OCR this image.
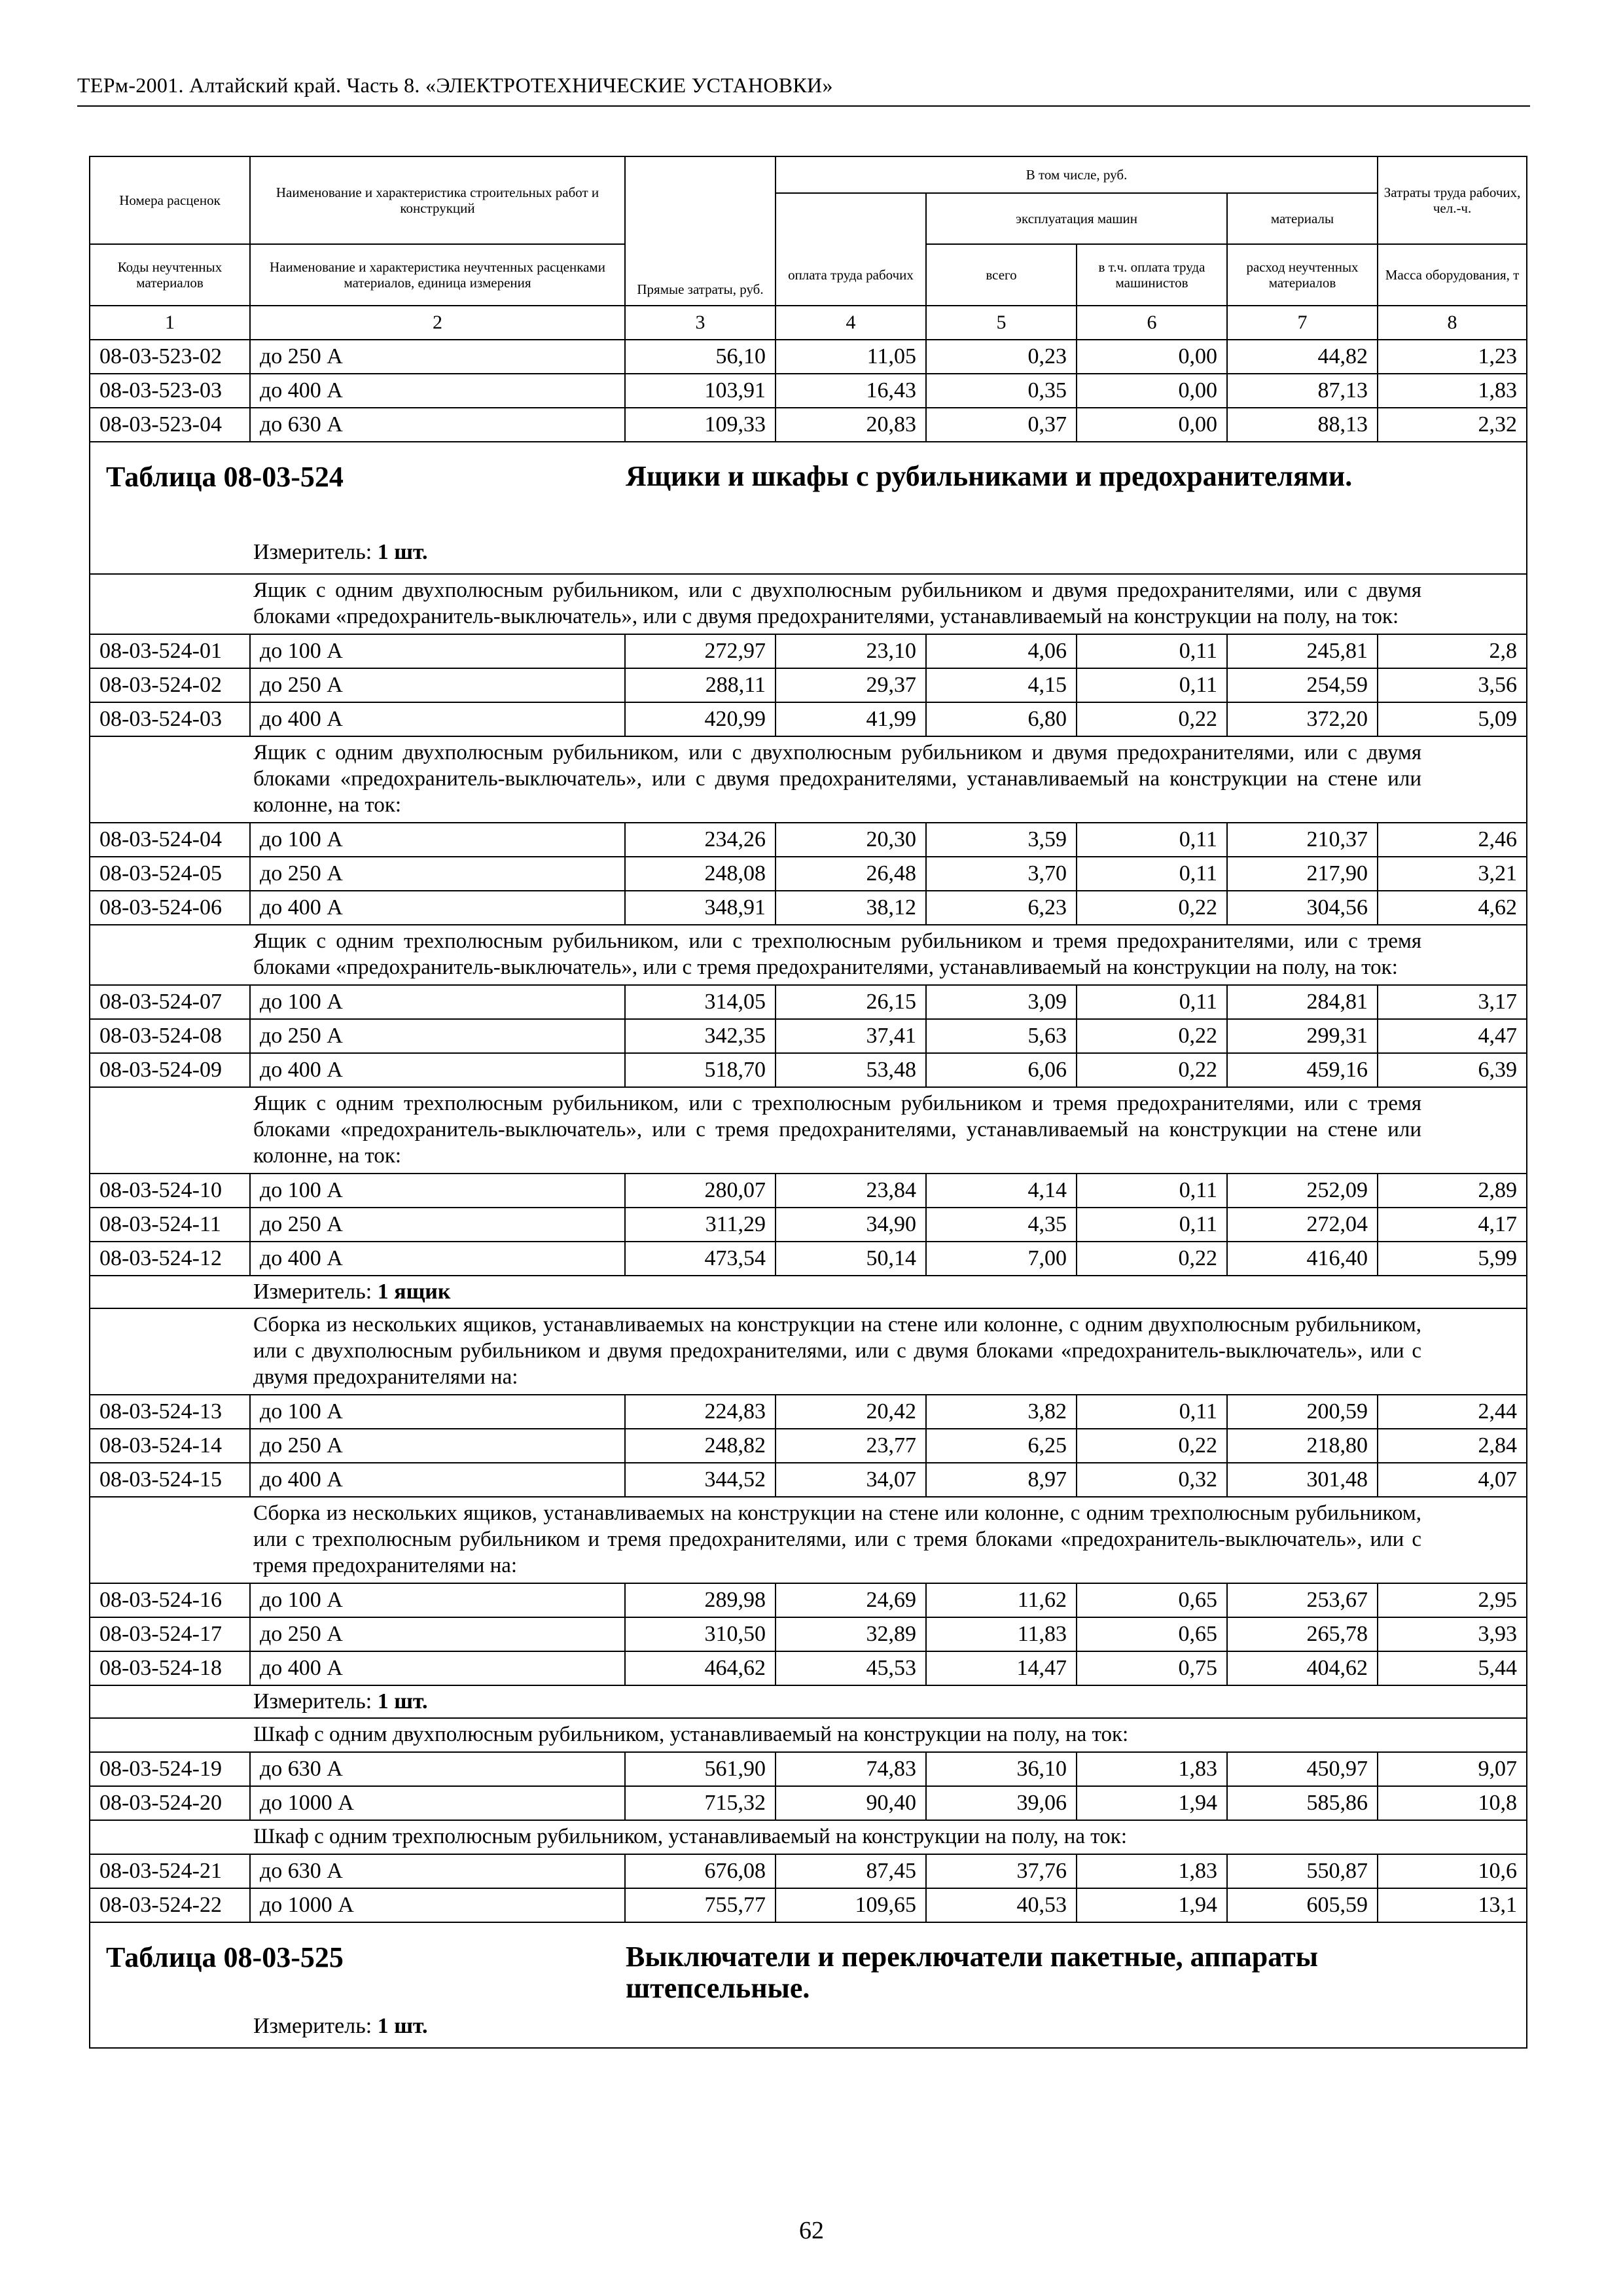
ТЕРм-2001. Алтайский край. Часть 8. «ЭЛЕКТРОТЕХНИЧЕСКИЕ УСТАНОВКИ»
Номера расценок	Наименование и характеристика строительных работ и конструкций	Прямые затраты, руб.	В том числе, руб.				Затраты труда рабочих, чел.-ч.
				эксплуатация машин		материалы	
Коды неучтенных материалов	Наименование и характеристика неучтенных расценками материалов, единица измерения		оплата труда рабочих	всего	в т.ч. оплата труда машинистов	расход неучтенных материалов	Масса оборудования, т
1	2	3	4	5	6	7	8
08-03-523-02	до 250 А	56,10	11,05	0,23	0,00	44,82	1,23
08-03-523-03	до 400 А	103,91	16,43	0,35	0,00	87,13	1,83
08-03-523-04	до 630 А	109,33	20,83	0,37	0,00	88,13	2,32

Таблица 08-03-524 Ящики и шкафы с рубильниками и предохранителями.
Измеритель: 1 шт.							

Ящик с одним двухполюсным рубильником, или с двухполюсным рубильником и двумя предохранителями, или с двумя блоками «предохранитель-выключатель», или с двумя предохранителями, устанавливаемый на конструкции на полу, на ток:							
08-03-524-01	до 100 А	272,97	23,10	4,06	0,11	245,81	2,8
08-03-524-02	до 250 А	288,11	29,37	4,15	0,11	254,59	3,56
08-03-524-03	до 400 А	420,99	41,99	6,80	0,22	372,20	5,09
Ящик с одним двухполюсным рубильником, или с двухполюсным рубильником и двумя предохранителями, или с двумя блоками «предохранитель-выключатель», или с двумя предохранителями, устанавливаемый на конструкции на стене или колонне, на ток:							
08-03-524-04	до 100 А	234,26	20,30	3,59	0,11	210,37	2,46
08-03-524-05	до 250 А	248,08	26,48	3,70	0,11	217,90	3,21
08-03-524-06	до 400 А	348,91	38,12	6,23	0,22	304,56	4,62
Ящик с одним трехполюсным рубильником, или с трехполюсным рубильником и тремя предохранителями, или с тремя блоками «предохранитель-выключатель», или с тремя предохранителями, устанавливаемый на конструкции на полу, на ток:							
08-03-524-07	до 100 А	314,05	26,15	3,09	0,11	284,81	3,17
08-03-524-08	до 250 А	342,35	37,41	5,63	0,22	299,31	4,47
08-03-524-09	до 400 А	518,70	53,48	6,06	0,22	459,16	6,39
Ящик с одним трехполюсным рубильником, или с трехполюсным рубильником и тремя предохранителями, или с тремя блоками «предохранитель-выключатель», или с тремя предохранителями, устанавливаемый на конструкции на стене или колонне, на ток:							
08-03-524-10	до 100 А	280,07	23,84	4,14	0,11	252,09	2,89
08-03-524-11	до 250 А	311,29	34,90	4,35	0,11	272,04	4,17
08-03-524-12	до 400 А	473,54	50,14	7,00	0,22	416,40	5,99
Измеритель: 1 ящик							
Сборка из нескольких ящиков, устанавливаемых на конструкции на стене или колонне, с одним двухполюсным рубильником, или с двухполюсным рубильником и двумя предохранителями, или с двумя блоками «предохранитель-выключатель», или с двумя предохранителями на:							
08-03-524-13	до 100 А	224,83	20,42	3,82	0,11	200,59	2,44
08-03-524-14	до 250 А	248,82	23,77	6,25	0,22	218,80	2,84
08-03-524-15	до 400 А	344,52	34,07	8,97	0,32	301,48	4,07
Сборка из нескольких ящиков, устанавливаемых на конструкции на стене или колонне, с одним трехполюсным рубильником, или с трехполюсным рубильником и тремя предохранителями, или с тремя блоками «предохранитель-выключатель», или с тремя предохранителями на:							
08-03-524-16	до 100 А	289,98	24,69	11,62	0,65	253,67	2,95
08-03-524-17	до 250 А	310,50	32,89	11,83	0,65	265,78	3,93
08-03-524-18	до 400 А	464,62	45,53	14,47	0,75	404,62	5,44
Измеритель: 1 шт.							
Шкаф с одним двухполюсным рубильником, устанавливаемый на конструкции на полу, на ток:							
08-03-524-19	до 630 А	561,90	74,83	36,10	1,83	450,97	9,07
08-03-524-20	до 1000 А	715,32	90,40	39,06	1,94	585,86	10,8
Шкаф с одним трехполюсным рубильником, устанавливаемый на конструкции на полу, на ток:							
08-03-524-21	до 630 А	676,08	87,45	37,76	1,83	550,87	10,6
08-03-524-22	до 1000 А	755,77	109,65	40,53	1,94	605,59	13,1

Таблица 08-03-525 Выключатели и переключатели пакетные, аппараты штепсельные.
Измеритель: 1 шт.							
62
